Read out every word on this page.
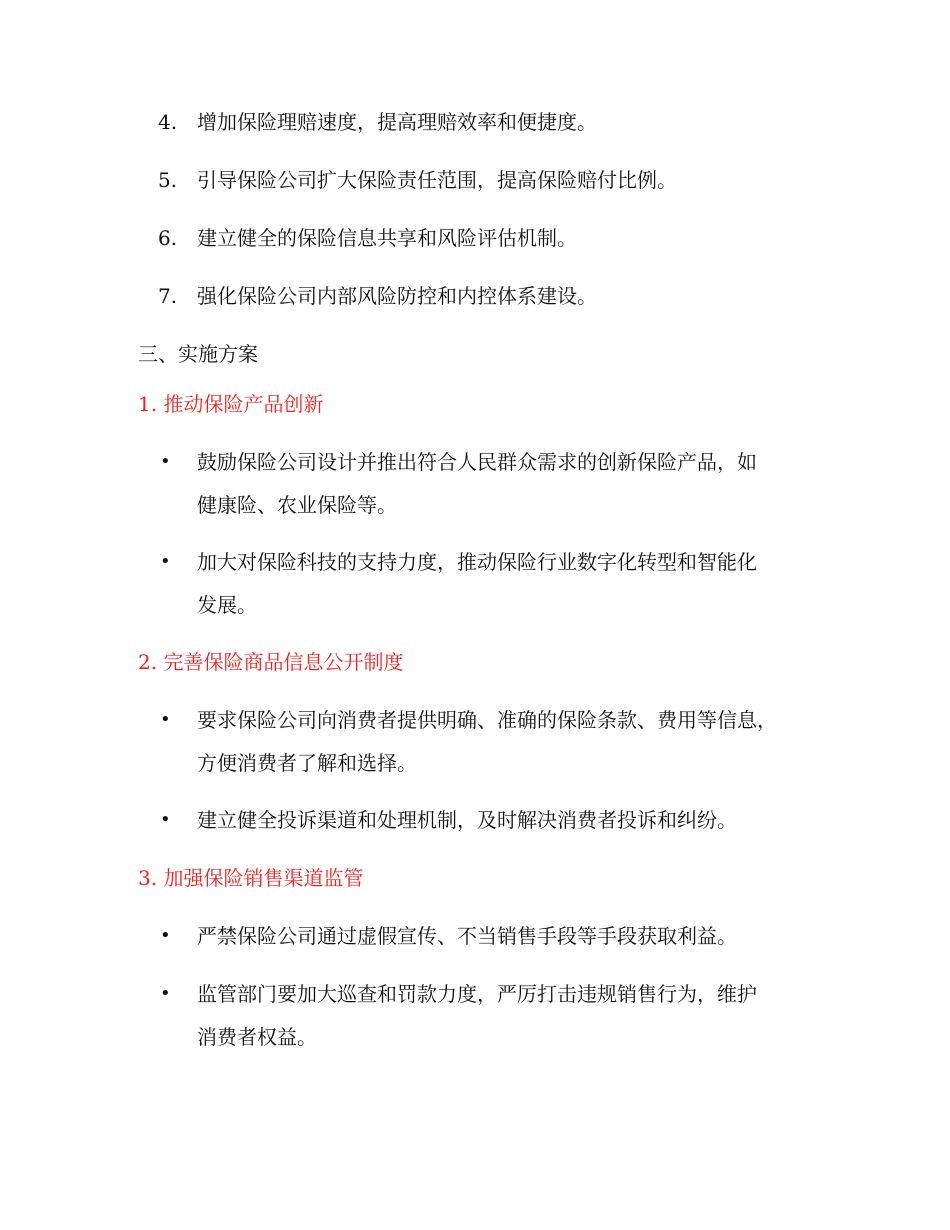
4. 增加保险理赔速度，提高理赔效率和便捷度。
5. 引导保险公司扩大保险责任范围，提高保险赔付比例。
6. 建立健全的保险信息共享和风险评估机制。
7. 强化保险公司内部风险防控和内控体系建设。
三、实施方案
1. 推动保险产品创新
•	鼓励保险公司设计并推出符合人民群众需求的创新保险产品，如
健康险、农业保险等。
•	加大对保险科技的支持力度，推动保险行业数字化转型和智能化
发展。
2. 完善保险商品信息公开制度
•	要求保险公司向消费者提供明确、准确的保险条款、费用等信息，
方便消费者了解和选择。
•	建立健全投诉渠道和处理机制，及时解决消费者投诉和纠纷。
3. 加强保险销售渠道监管
•	严禁保险公司通过虚假宣传、不当销售手段等手段获取利益。
•	监管部门要加大巡查和罚款力度，严厉打击违规销售行为，维护
消费者权益。
